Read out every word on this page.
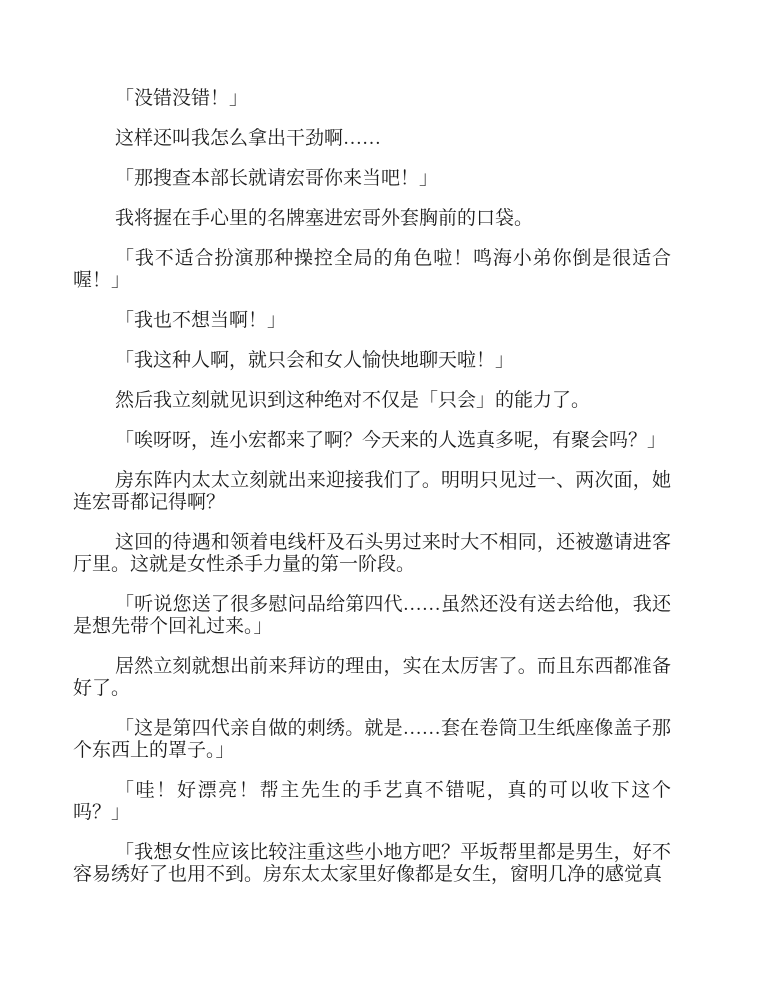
「没错没错！」

这样还叫我怎么拿出干劲啊……

「那搜查本部长就请宏哥你来当吧！」

我将握在手心里的名牌塞进宏哥外套胸前的口袋。

「我不适合扮演那种操控全局的角色啦！鸣海小弟你倒是很适合喔！」

「我也不想当啊！」

「我这种人啊，就只会和女人愉快地聊天啦！」

然后我立刻就见识到这种绝对不仅是「只会」的能力了。

「唉呀呀，连小宏都来了啊？今天来的人选真多呢，有聚会吗？」

房东阵内太太立刻就出来迎接我们了。明明只见过一、两次面，她连宏哥都记得啊？

这回的待遇和领着电线杆及石头男过来时大不相同，还被邀请进客厅里。这就是女性杀手力量的第一阶段。

「听说您送了很多慰问品给第四代……虽然还没有送去给他，我还是想先带个回礼过来。」

居然立刻就想出前来拜访的理由，实在太厉害了。而且东西都准备好了。

「这是第四代亲自做的刺绣。就是……套在卷筒卫生纸座像盖子那个东西上的罩子。」

「哇！好漂亮！帮主先生的手艺真不错呢，真的可以收下这个吗？」

「我想女性应该比较注重这些小地方吧？平坂帮里都是男生，好不容易绣好了也用不到。房东太太家里好像都是女生，窗明几净的感觉真
